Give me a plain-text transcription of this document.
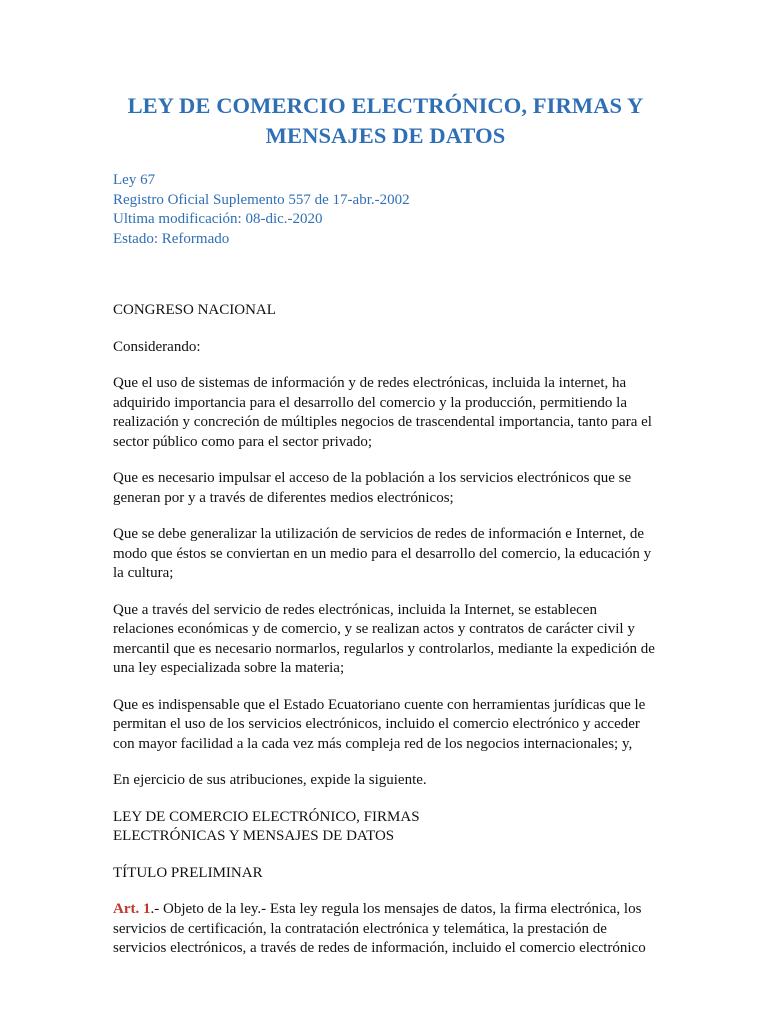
LEY DE COMERCIO ELECTRÓNICO, FIRMAS Y
MENSAJES DE DATOS
Ley 67
Registro Oficial Suplemento 557 de 17-abr.-2002
Ultima modificación: 08-dic.-2020
Estado: Reformado

CONGRESO NACIONAL

Considerando:

Que el uso de sistemas de información y de redes electrónicas, incluida la internet, ha adquirido importancia para el desarrollo del comercio y la producción, permitiendo la realización y concreción de múltiples negocios de trascendental importancia, tanto para el sector público como para el sector privado;

Que es necesario impulsar el acceso de la población a los servicios electrónicos que se generan por y a través de diferentes medios electrónicos;

Que se debe generalizar la utilización de servicios de redes de información e Internet, de modo que éstos se conviertan en un medio para el desarrollo del comercio, la educación y la cultura;

Que a través del servicio de redes electrónicas, incluida la Internet, se establecen relaciones económicas y de comercio, y se realizan actos y contratos de carácter civil y mercantil que es necesario normarlos, regularlos y controlarlos, mediante la expedición de una ley especializada sobre la materia;

Que es indispensable que el Estado Ecuatoriano cuente con herramientas jurídicas que le permitan el uso de los servicios electrónicos, incluido el comercio electrónico y acceder con mayor facilidad a la cada vez más compleja red de los negocios internacionales; y,

En ejercicio de sus atribuciones, expide la siguiente.

LEY DE COMERCIO ELECTRÓNICO, FIRMAS
ELECTRÓNICAS Y MENSAJES DE DATOS

TÍTULO PRELIMINAR

Art. 1.- Objeto de la ley.- Esta ley regula los mensajes de datos, la firma electrónica, los servicios de certificación, la contratación electrónica y telemática, la prestación de servicios electrónicos, a través de redes de información, incluido el comercio electrónico
